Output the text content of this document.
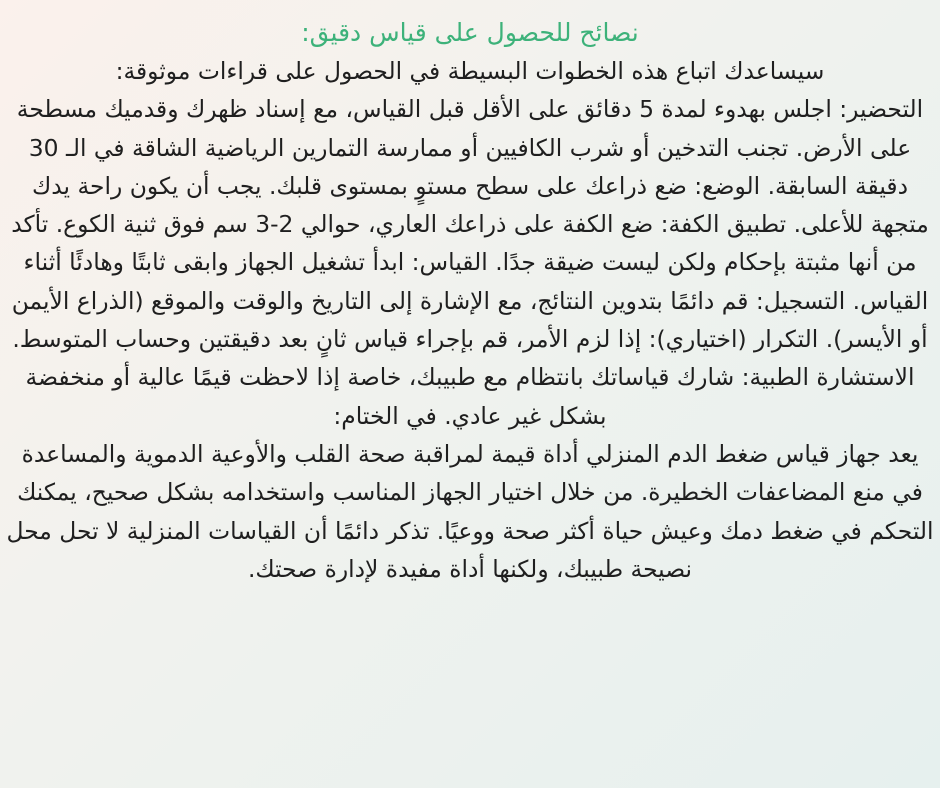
نصائح للحصول على قياس دقيق:

سيساعدك اتباع هذه الخطوات البسيطة في الحصول على قراءات موثوقة:

التحضير: اجلس بهدوء لمدة 5 دقائق على الأقل قبل القياس، مع إسناد ظهرك وقدميك مسطحة على الأرض. تجنب التدخين أو شرب الكافيين أو ممارسة التمارين الرياضية الشاقة في الـ 30 دقيقة السابقة. الوضع: ضع ذراعك على سطح مستوٍ بمستوى قلبك. يجب أن يكون راحة يدك متجهة للأعلى. تطبيق الكفة: ضع الكفة على ذراعك العاري، حوالي 2-3 سم فوق ثنية الكوع. تأكد من أنها مثبتة بإحكام ولكن ليست ضيقة جدًا. القياس: ابدأ تشغيل الجهاز وابقى ثابتًا وهادئًا أثناء القياس. التسجيل: قم دائمًا بتدوين النتائج، مع الإشارة إلى التاريخ والوقت والموقع (الذراع الأيمن أو الأيسر). التكرار (اختياري): إذا لزم الأمر، قم بإجراء قياس ثانٍ بعد دقيقتين وحساب المتوسط. الاستشارة الطبية: شارك قياساتك بانتظام مع طبيبك، خاصة إذا لاحظت قيمًا عالية أو منخفضة بشكل غير عادي. في الختام:

يعد جهاز قياس ضغط الدم المنزلي أداة قيمة لمراقبة صحة القلب والأوعية الدموية والمساعدة في منع المضاعفات الخطيرة. من خلال اختيار الجهاز المناسب واستخدامه بشكل صحيح، يمكنك التحكم في ضغط دمك وعيش حياة أكثر صحة ووعيًا. تذكر دائمًا أن القياسات المنزلية لا تحل محل نصيحة طبيبك، ولكنها أداة مفيدة لإدارة صحتك.
